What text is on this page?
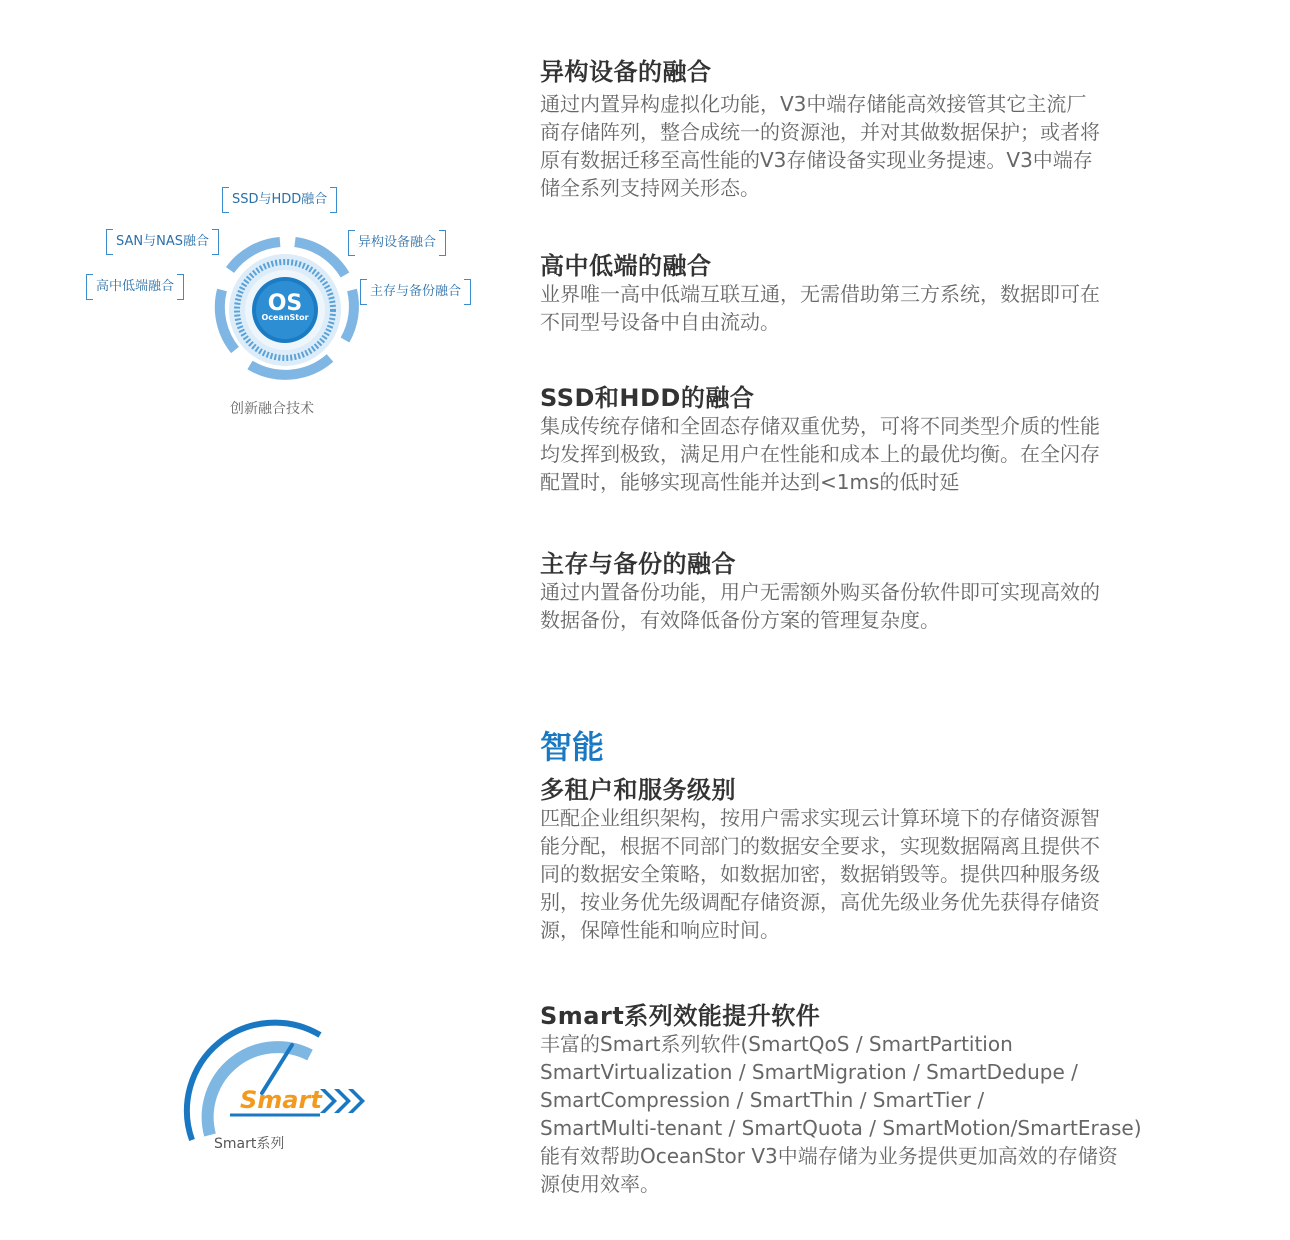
OS
OceanStor
SSD与HDD融合
SAN与NAS融合	异构设备融合
高中低端融合	主存与备份融合
创新融合技术
异构设备的融合

通过内置异构虚拟化功能，V3中端存储能高效接管其它主流厂
商存储阵列，整合成统一的资源池，并对其做数据保护；或者将
原有数据迁移至高性能的V3存储设备实现业务提速。V3中端存
储全系列支持网关形态。

高中低端的融合

业界唯一高中低端互联互通，无需借助第三方系统，数据即可在
不同型号设备中自由流动。

SSD和HDD的融合

集成传统存储和全固态存储双重优势，可将不同类型介质的性能
均发挥到极致，满足用户在性能和成本上的最优均衡。在全闪存
配置时，能够实现高性能并达到<1ms的低时延

主存与备份的融合

通过内置备份功能，用户无需额外购买备份软件即可实现高效的
数据备份，有效降低备份方案的管理复杂度。

智能
多租户和服务级别

匹配企业组织架构，按用户需求实现云计算环境下的存储资源智
能分配，根据不同部门的数据安全要求，实现数据隔离且提供不
同的数据安全策略，如数据加密，数据销毁等。提供四种服务级
别，按业务优先级调配存储资源，高优先级业务优先获得存储资
源，保障性能和响应时间。

Smart系列效能提升软件

丰富的Smart系列软件(SmartQoS / SmartPartition
SmartVirtualization / SmartMigration / SmartDedupe /
SmartCompression / SmartThin / SmartTier /
SmartMulti-tenant / SmartQuota / SmartMotion/SmartErase)
能有效帮助OceanStor V3中端存储为业务提供更加高效的存储资
源使用效率。

Smart
Smart系列
